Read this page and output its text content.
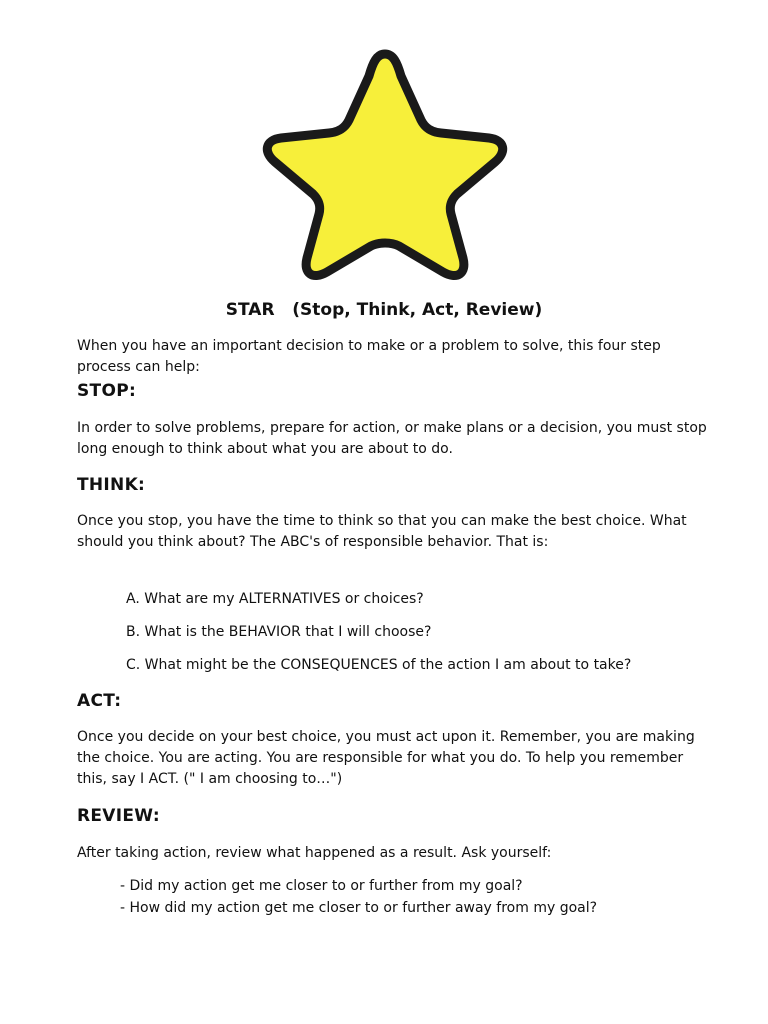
STAR   (Stop, Think, Act, Review)

When you have an important decision to make or a problem to solve, this four step process can help:

STOP:

In order to solve problems, prepare for action, or make plans or a decision, you must stop long enough to think about what you are about to do.

THINK:

Once you stop, you have the time to think so that you can make the best choice. What should you think about? The ABC's of responsible behavior. That is:

A. What are my ALTERNATIVES or choices?

B. What is the BEHAVIOR that I will choose?

C. What might be the CONSEQUENCES of the action I am about to take?

ACT:

Once you decide on your best choice, you must act upon it. Remember, you are making the choice. You are acting. You are responsible for what you do. To help you remember this, say I ACT. (" I am choosing to…")

REVIEW:

After taking action, review what happened as a result. Ask yourself:

- Did my action get me closer to or further from my goal?

- How did my action get me closer to or further away from my goal?
